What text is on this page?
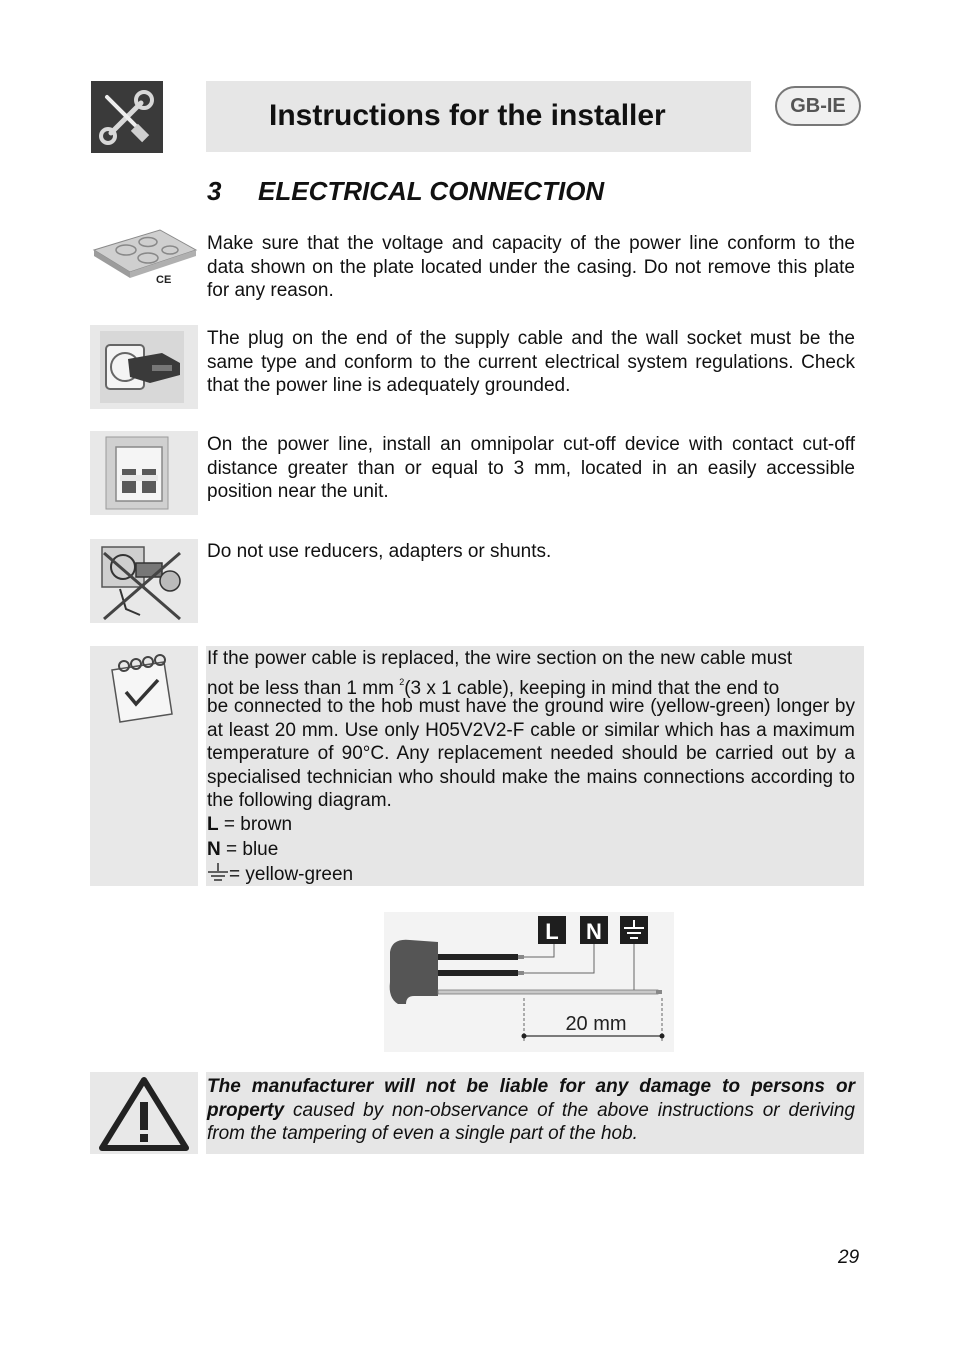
Instructions for the installer	GB-IE
3 ELECTRICAL CONNECTION
CE
Make sure that the voltage and capacity of the power line conform to the data shown on the plate located under the casing. Do not remove this plate for any reason.
The plug on the end of the supply cable and the wall socket must be the same type and conform to the current electrical system regulations. Check that the power line is adequately grounded.
On the power line, install an omnipolar cut-off device with contact cut-off distance greater than or equal to 3 mm, located in an easily accessible position near the unit.
Do not use reducers, adapters or shunts.
If the power cable is replaced, the wire section on the new cable must
not be less than 1 mm $^2$(3 x 1 cable), keeping in mind that the end to
be connected to the hob must have the ground wire (yellow-green) longer by at least 20 mm. Use only H05V2V2-F cable or similar which has a maximum temperature of 90°C. Any replacement needed should be carried out by a specialised technician who should make the mains connections according to the following diagram.
L = brown
N = blue
= yellow-green
L N
20 mm
The manufacturer will not be liable for any damage to persons or property caused by non-observance of the above instructions or deriving from the tampering of even a single part of the hob.
29
